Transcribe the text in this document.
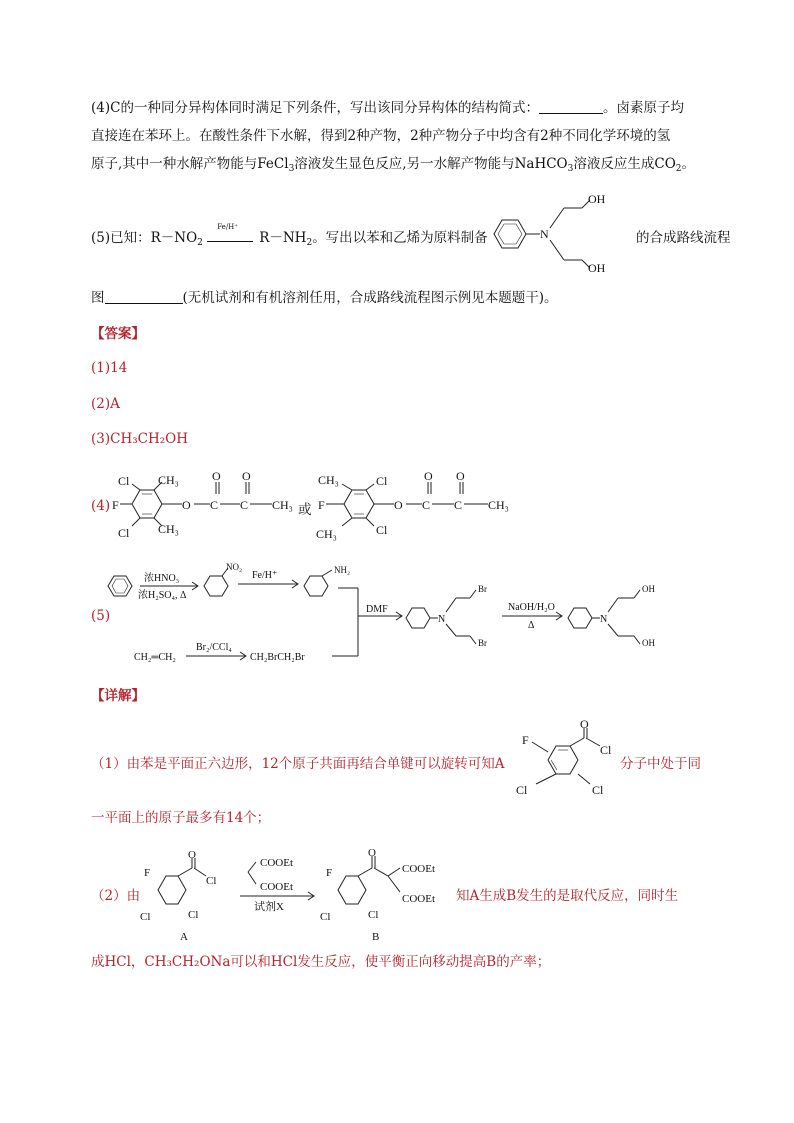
(4)C的一种同分异构体同时满足下列条件，写出该同分异构体的结构简式：	。卤素原子均
直接连在苯环上。在酸性条件下水解，得到2种产物，2种产物分子中均含有2种不同化学环境的氢
原子,其中一种水解产物能与FeCl$_3$溶液发生显色反应,另一水解产物能与NaHCO$_3$溶液反应生成$CO_2$。
(5)已知：$R-NO_2$
Fe/H⁺
$R-NH_2$。写出以苯和乙烯为原料制备	N
OH
OH
的合成路线流程
图	(无机试剂和有机溶剂任用，合成路线流程图示例见本题题干)。
【答案】
(1)14
(2)A
(3)CH₃CH₂OH
(4)
Cl CH₃
F
Cl CH₃
O C
O
C
O
CH₃ 或
CH₃	Cl
F
CH₃	Cl
O C
O
C
O
CH₃
(5)
浓HNO₃
浓H₂SO₄, Δ
NO₂
Fe/H⁺	NH₂
DMF
N
Br
Br
NaOH/H₂O
Δ
N
OH
OH
CH₂═CH₂
Br₂/CCl₄
CH₂BrCH₂Br
【详解】
（1）由苯是平面正六边形，12个原子共面再结合单键可以旋转可知A
O
Cl
F
Cl	Cl
分子中处于同
一平面上的原子最多有14个；
（2）由
O
Cl
F
Cl	Cl
A
COOEt
COOEt
试剂X
O
COOEt
COOEt
F
Cl	Cl
B
知A生成B发生的是取代反应，同时生
成HCl，CH₃CH₂ONa可以和HCl发生反应，使平衡正向移动提高B的产率；
